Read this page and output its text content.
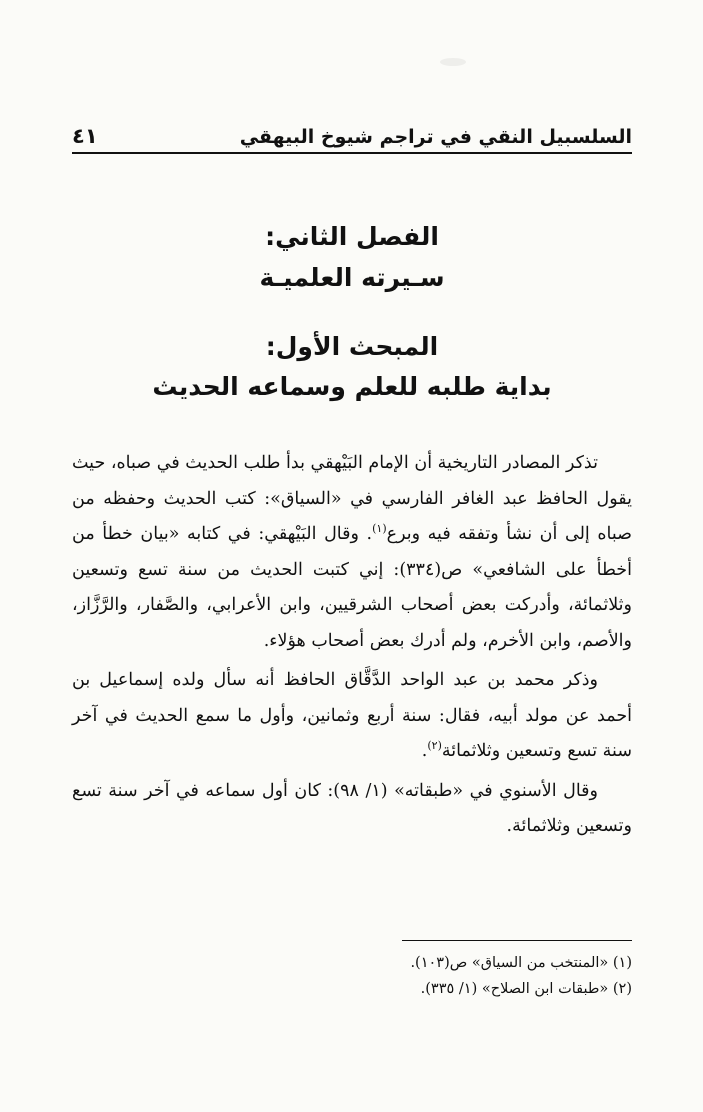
٤١	السلسبيل النقي في تراجم شيوخ البيهقي
الفصل الثاني:
سـيرته العلميـة
المبحث الأول:
بداية طلبه للعلم وسماعه الحديث

تذكر المصادر التاريخية أن الإمام البَيْهقي بدأ طلب الحديث في صباه، حيث يقول الحافظ عبد الغافر الفارسي في «السياق»: كتب الحديث وحفظه من صباه إلى أن نشأ وتفقه فيه وبرع$^{(١)}$. وقال البَيْهقي: في كتابه «بيان خطأ من أخطأ على الشافعي» ص(٣٣٤): إني كتبت الحديث من سنة تسع وتسعين وثلاثمائة، وأدركت بعض أصحاب الشرقيين، وابن الأعرابي، والصَّفار، والرَّزَّاز، والأصم، وابن الأخرم، ولم أدرك بعض أصحاب هؤلاء.

وذكر محمد بن عبد الواحد الدَّقَّاق الحافظ أنه سأل ولده إسماعيل بن أحمد عن مولد أبيه، فقال: سنة أربع وثمانين، وأول ما سمع الحديث في آخر سنة تسع وتسعين وثلاثمائة$^{(٢)}$.

وقال الأسنوي في «طبقاته» (١/ ٩٨): كان أول سماعه في آخر سنة تسع وتسعين وثلاثمائة.

(١) «المنتخب من السياق» ص(١٠٣).
(٢) «طبقات ابن الصلاح» (١/ ٣٣٥).
